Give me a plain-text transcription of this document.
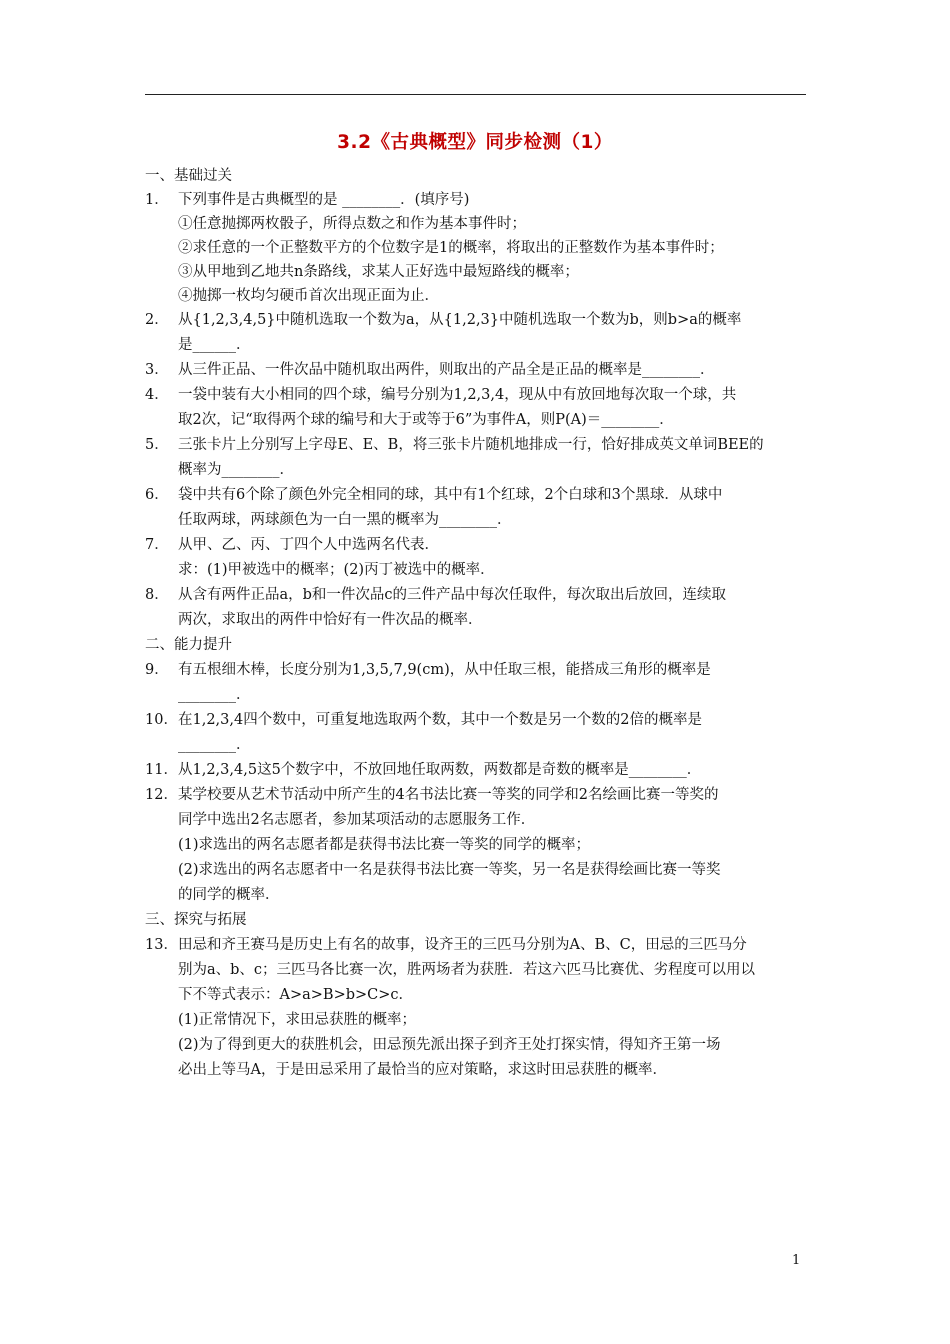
3.2《古典概型》同步检测（1）
一、基础过关
1． 下列事件是古典概型的是 ________．(填序号)
①任意抛掷两枚骰子，所得点数之和作为基本事件时；
②求任意的一个正整数平方的个位数字是1的概率，将取出的正整数作为基本事件时；
③从甲地到乙地共n条路线，求某人正好选中最短路线的概率；
④抛掷一枚均匀硬币首次出现正面为止．
2． 从{1,2,3,4,5}中随机选取一个数为a，从{1,2,3}中随机选取一个数为b，则b>a的概率
是______．
3． 从三件正品、一件次品中随机取出两件，则取出的产品全是正品的概率是________．
4． 一袋中装有大小相同的四个球，编号分别为1,2,3,4，现从中有放回地每次取一个球，共
取2次，记“取得两个球的编号和大于或等于6”为事件A，则P(A)＝________．
5． 三张卡片上分别写上字母E、E、B，将三张卡片随机地排成一行，恰好排成英文单词BEE的
概率为________．
6． 袋中共有6个除了颜色外完全相同的球，其中有1个红球，2个白球和3个黑球．从球中
任取两球，两球颜色为一白一黑的概率为________．
7． 从甲、乙、丙、丁四个人中选两名代表．
求：(1)甲被选中的概率；(2)丙丁被选中的概率．
8． 从含有两件正品a，b和一件次品c的三件产品中每次任取件，每次取出后放回，连续取
两次，求取出的两件中恰好有一件次品的概率．
二、能力提升
9． 有五根细木棒，长度分别为1,3,5,7,9(cm)，从中任取三根，能搭成三角形的概率是
________．
10． 在1,2,3,4四个数中，可重复地选取两个数，其中一个数是另一个数的2倍的概率是
________．
11． 从1,2,3,4,5这5个数字中，不放回地任取两数，两数都是奇数的概率是________．
12． 某学校要从艺术节活动中所产生的4名书法比赛一等奖的同学和2名绘画比赛一等奖的
同学中选出2名志愿者，参加某项活动的志愿服务工作．
(1)求选出的两名志愿者都是获得书法比赛一等奖的同学的概率；
(2)求选出的两名志愿者中一名是获得书法比赛一等奖，另一名是获得绘画比赛一等奖
的同学的概率．
三、探究与拓展
13． 田忌和齐王赛马是历史上有名的故事，设齐王的三匹马分别为A、B、C，田忌的三匹马分
别为a、b、c；三匹马各比赛一次，胜两场者为获胜．若这六匹马比赛优、劣程度可以用以
下不等式表示：A>a>B>b>C>c．
(1)正常情况下，求田忌获胜的概率；
(2)为了得到更大的获胜机会，田忌预先派出探子到齐王处打探实情，得知齐王第一场
必出上等马A，于是田忌采用了最恰当的应对策略，求这时田忌获胜的概率．
1
